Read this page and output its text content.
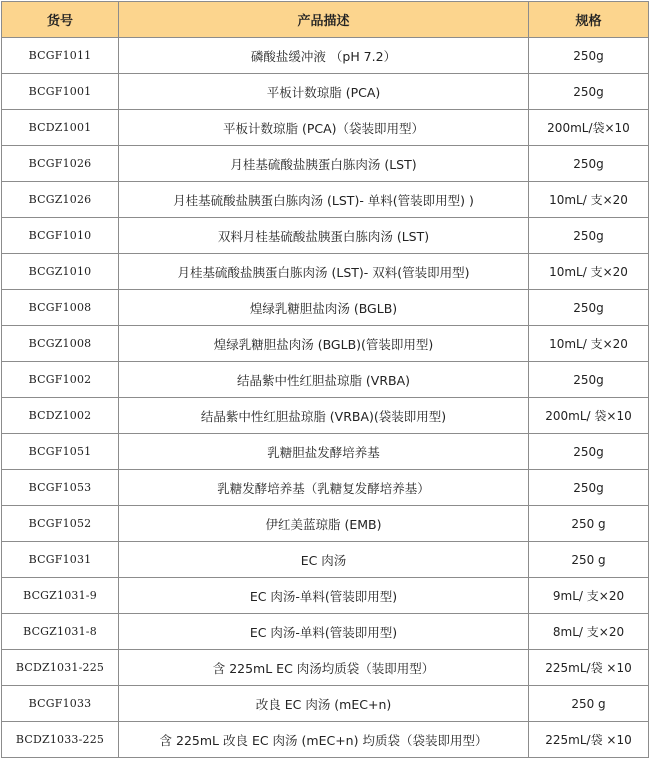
货号	产品描述	规格
BCGF1011	磷酸盐缓冲液 （pH 7.2）	250g
BCGF1001	平板计数琼脂 (PCA)	250g
BCDZ1001	平板计数琼脂 (PCA)（袋装即用型）	200mL/袋×10
BCGF1026	月桂基硫酸盐胰蛋白胨肉汤 (LST)	250g
BCGZ1026	月桂基硫酸盐胰蛋白胨肉汤 (LST)- 单料(管装即用型) )	10mL/ 支×20
BCGF1010	双料月桂基硫酸盐胰蛋白胨肉汤 (LST)	250g
BCGZ1010	月桂基硫酸盐胰蛋白胨肉汤 (LST)- 双料(管装即用型)	10mL/ 支×20
BCGF1008	煌绿乳糖胆盐肉汤 (BGLB)	250g
BCGZ1008	煌绿乳糖胆盐肉汤 (BGLB)(管装即用型)	10mL/ 支×20
BCGF1002	结晶紫中性红胆盐琼脂 (VRBA)	250g
BCDZ1002	结晶紫中性红胆盐琼脂 (VRBA)(袋装即用型)	200mL/ 袋×10
BCGF1051	乳糖胆盐发酵培养基	250g
BCGF1053	乳糖发酵培养基（乳糖复发酵培养基）	250g
BCGF1052	伊红美蓝琼脂 (EMB)	250 g
BCGF1031	EC 肉汤	250 g
BCGZ1031-9	EC 肉汤-单料(管装即用型)	9mL/ 支×20
BCGZ1031-8	EC 肉汤-单料(管装即用型)	8mL/ 支×20
BCDZ1031-225	含 225mL EC 肉汤均质袋（装即用型）	225mL/袋 ×10
BCGF1033	改良 EC 肉汤 (mEC+n)	250 g
BCDZ1033-225	含 225mL 改良 EC 肉汤 (mEC+n) 均质袋（袋装即用型）	225mL/袋 ×10
